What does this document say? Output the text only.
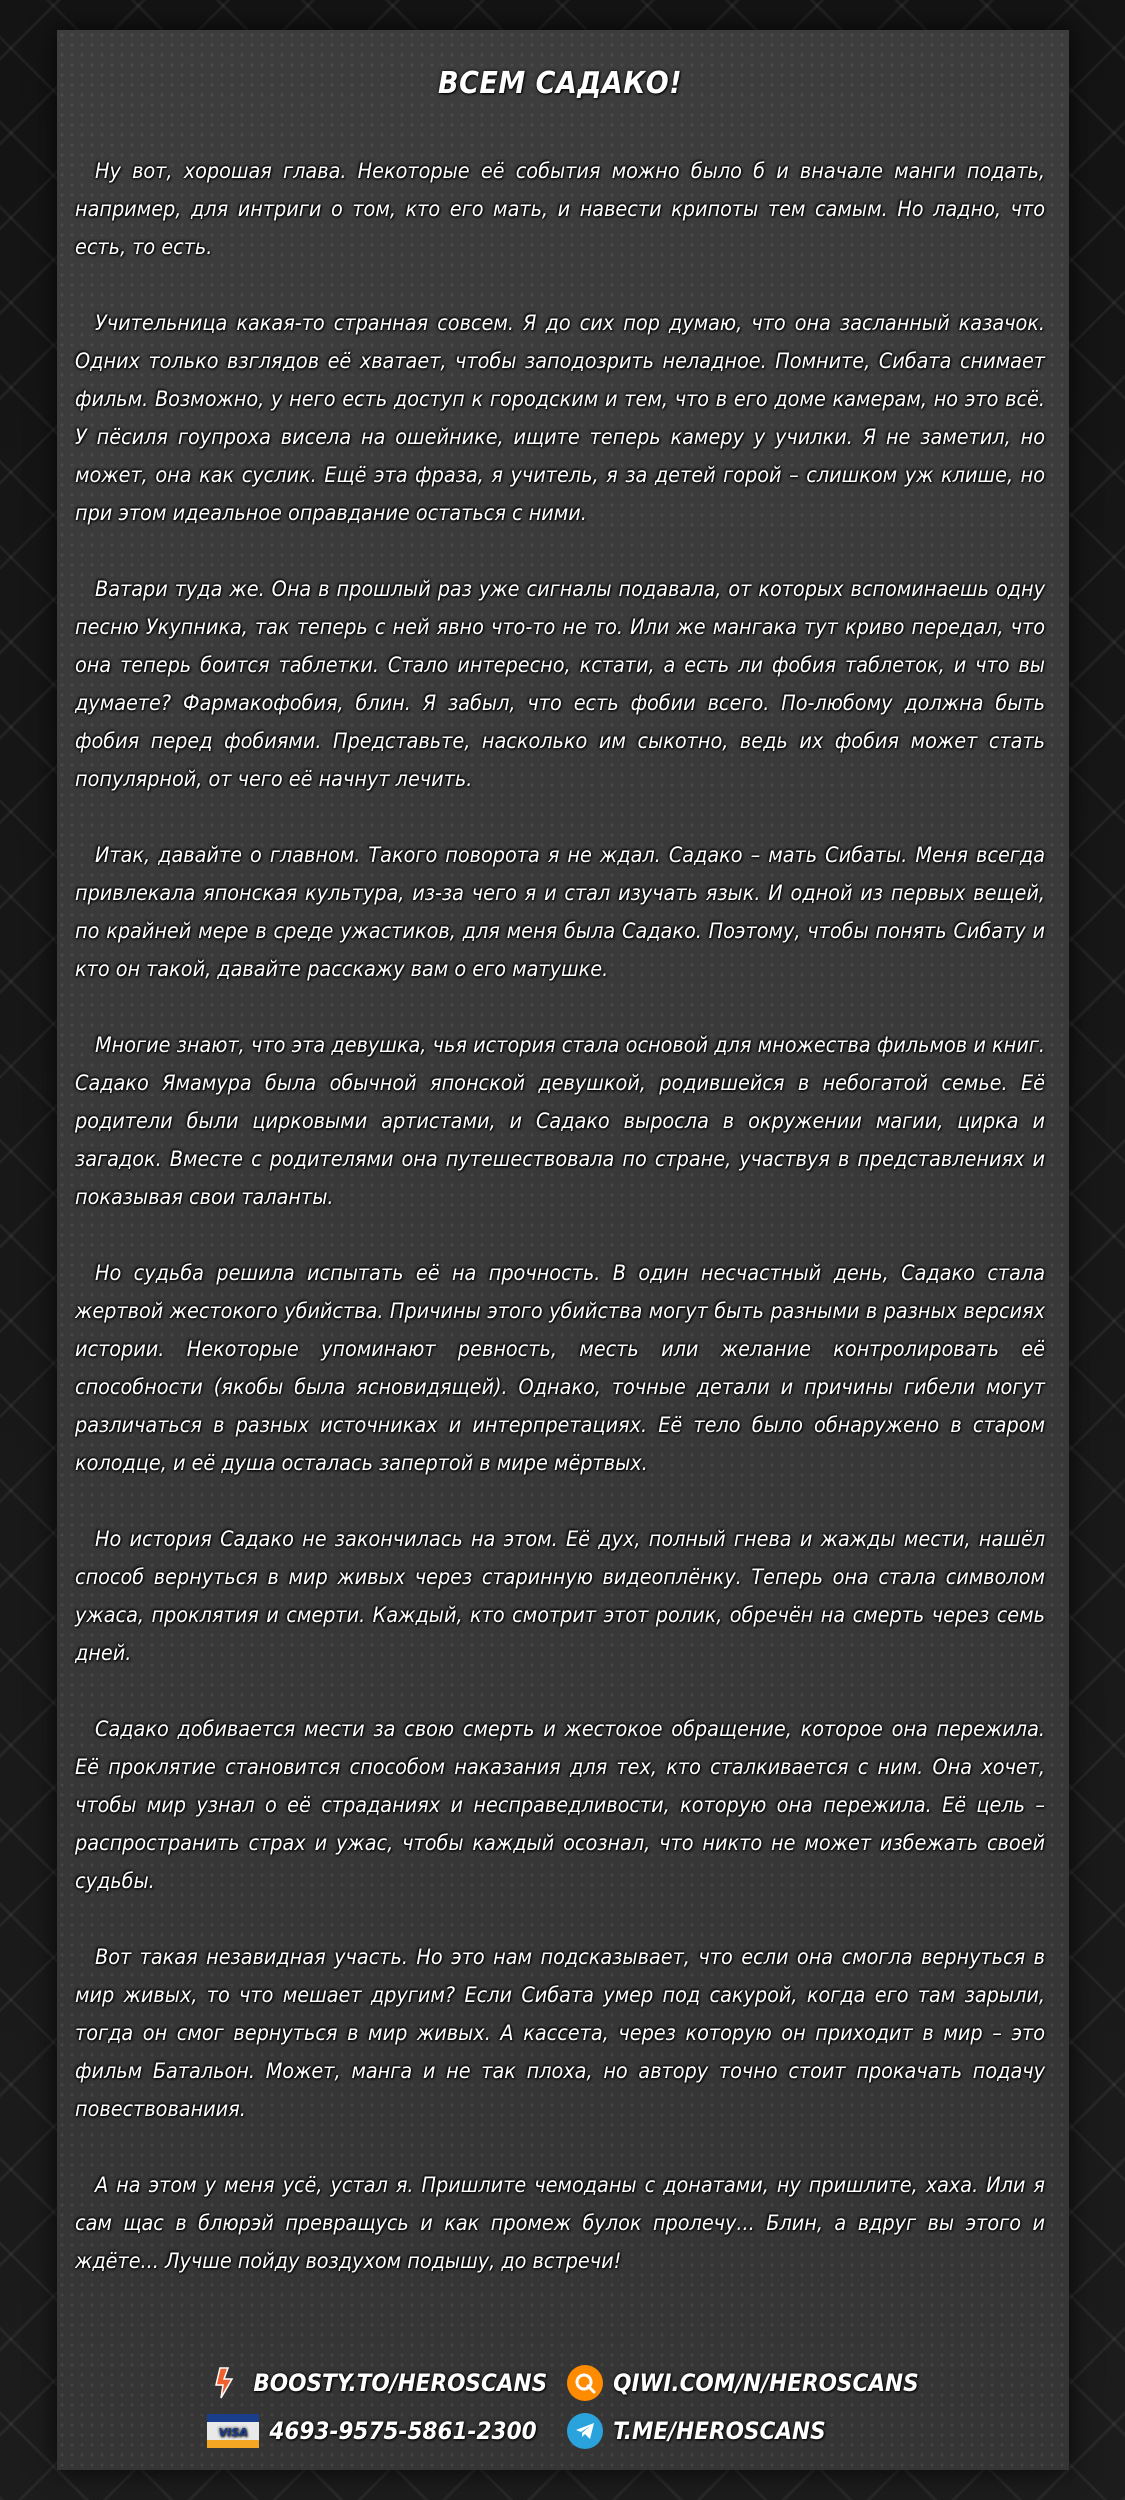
ВСЕМ САДАКО!

Ну вот, хорошая глава. Некоторые её события можно было б и вначале манги подать, например, для интриги о том, кто его мать, и навести крипоты тем самым. Но ладно, что есть, то есть.

Учительница какая-то странная совсем. Я до сих пор думаю, что она засланный казачок. Одних только взглядов её хватает, чтобы заподозрить неладное. Помните, Сибата снимает фильм. Возможно, у него есть доступ к городским и тем, что в его доме камерам, но это всё. У пёсиля гоупроха висела на ошейнике, ищите теперь камеру у училки. Я не заметил, но может, она как суслик. Ещё эта фраза, я учитель, я за детей горой – слишком уж клише, но при этом идеальное оправдание остаться с ними.

Ватари туда же. Она в прошлый раз уже сигналы подавала, от которых вспоминаешь одну песню Укупника, так теперь с ней явно что-то не то. Или же мангака тут криво передал, что она теперь боится таблетки. Стало интересно, кстати, а есть ли фобия таблеток, и что вы думаете? Фармакофобия, блин. Я забыл, что есть фобии всего. По-любому должна быть фобия перед фобиями. Представьте, насколько им сыкотно, ведь их фобия может стать популярной, от чего её начнут лечить.

Итак, давайте о главном. Такого поворота я не ждал. Садако – мать Сибаты. Меня всегда привлекала японская культура, из-за чего я и стал изучать язык. И одной из первых вещей, по крайней мере в среде ужастиков, для меня была Садако. Поэтому, чтобы понять Сибату и кто он такой, давайте расскажу вам о его матушке.

Многие знают, что эта девушка, чья история стала основой для множества фильмов и книг. Садако Ямамура была обычной японской девушкой, родившейся в небогатой семье. Её родители были цирковыми артистами, и Садако выросла в окружении магии, цирка и загадок. Вместе с родителями она путешествовала по стране, участвуя в представлениях и показывая свои таланты.

Но судьба решила испытать её на прочность. В один несчастный день, Садако стала жертвой жестокого убийства. Причины этого убийства могут быть разными в разных версиях истории. Некоторые упоминают ревность, месть или желание контролировать её способности (якобы была ясновидящей). Однако, точные детали и причины гибели могут различаться в разных источниках и интерпретациях. Её тело было обнаружено в старом колодце, и её душа осталась запертой в мире мёртвых.

Но история Садако не закончилась на этом. Её дух, полный гнева и жажды мести, нашёл способ вернуться в мир живых через старинную видеоплёнку. Теперь она стала символом ужаса, проклятия и смерти. Каждый, кто смотрит этот ролик, обречён на смерть через семь дней.

Садако добивается мести за свою смерть и жестокое обращение, которое она пережила. Её проклятие становится способом наказания для тех, кто сталкивается с ним. Она хочет, чтобы мир узнал о её страданиях и несправедливости, которую она пережила. Её цель – распространить страх и ужас, чтобы каждый осознал, что никто не может избежать своей судьбы.

Вот такая незавидная участь. Но это нам подсказывает, что если она смогла вернуться в мир живых, то что мешает другим? Если Сибата умер под сакурой, когда его там зарыли, тогда он смог вернуться в мир живых. А кассета, через которую он приходит в мир – это фильм Батальон. Может, манга и не так плоха, но автору точно стоит прокачать подачу повествованиия.

А на этом у меня усё, устал я. Пришлите чемоданы с донатами, ну пришлите, хаха. Или я сам щас в блюрэй превращусь и как промеж булок пролечу... Блин, а вдруг вы этого и ждёте... Лучше пойду воздухом подышу, до встречи!

BOOSTY.TO/HEROSCANS	QIWI.COM/N/HEROSCANS
VISA 4693-9575-5861-2300	T.ME/HEROSCANS
